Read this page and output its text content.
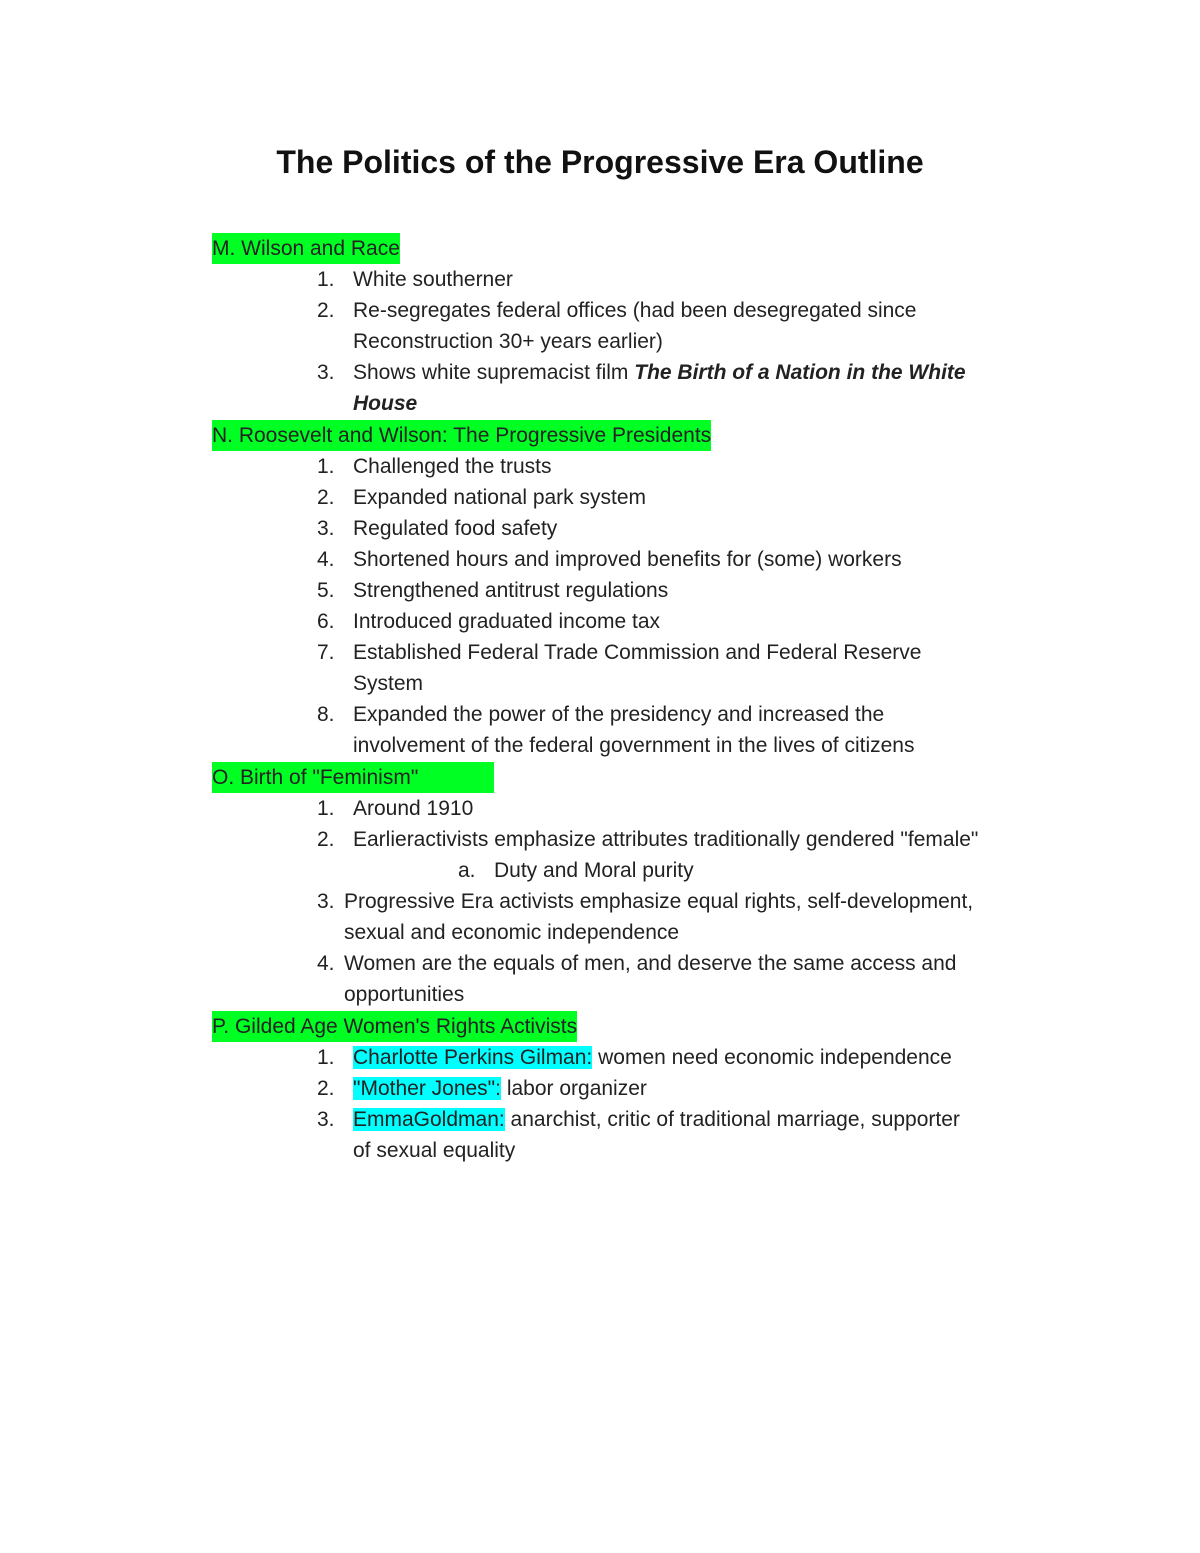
The Politics of the Progressive Era Outline
M. Wilson and Race
1. White southerner
2. Re-segregates federal offices (had been desegregated since
Reconstruction 30+ years earlier)
3. Shows white supremacist film The Birth of a Nation in the White
House
N. Roosevelt and Wilson: The Progressive Presidents
1. Challenged the trusts
2. Expanded national park system
3. Regulated food safety
4. Shortened hours and improved benefits for (some) workers
5. Strengthened antitrust regulations
6. Introduced graduated income tax
7. Established Federal Trade Commission and Federal Reserve
System
8. Expanded the power of the presidency and increased the
involvement of the federal government in the lives of citizens
O. Birth of "Feminism"
1. Around 1910
2. Earlieractivists emphasize attributes traditionally gendered "female"
a. Duty and Moral purity
3. Progressive Era activists emphasize equal rights, self-development,
sexual and economic independence
4. Women are the equals of men, and deserve the same access and
opportunities
P. Gilded Age Women's Rights Activists
1. Charlotte Perkins Gilman: women need economic independence
2. "Mother Jones": labor organizer
3. EmmaGoldman: anarchist, critic of traditional marriage, supporter
of sexual equality
